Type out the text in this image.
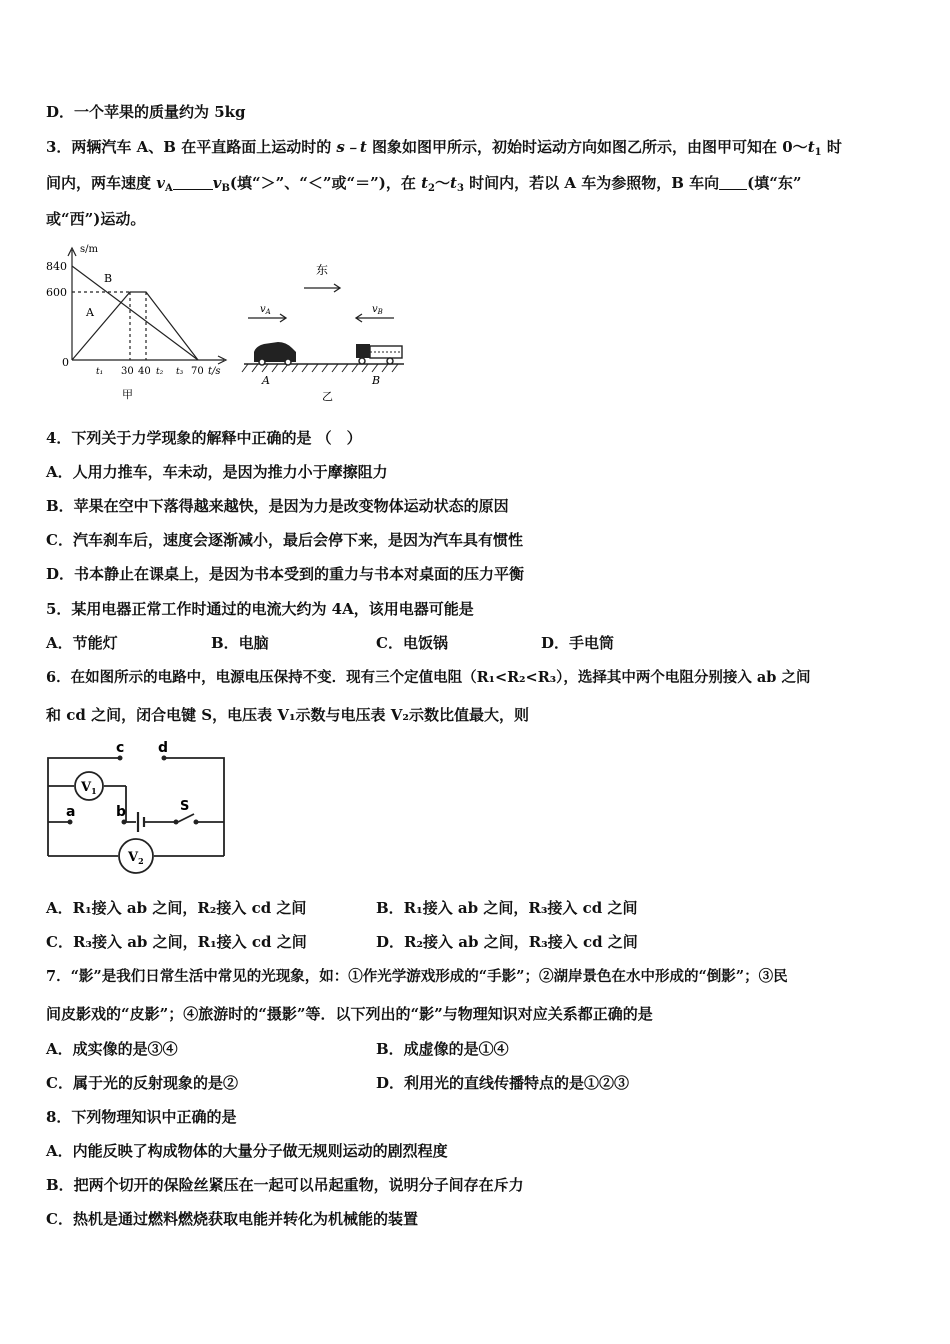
D．一个苹果的质量约为 5kg
3．两辆汽车 A、B 在平直路面上运动时的 s﹣t 图象如图甲所示，初始时运动方向如图乙所示，由图甲可知在 $0\sim t_1$ 时
间内，两车速度 $v_A$	$v_B$(填“＞”、“＜”或“＝”)，在 $t_2\sim t_3$ 时间内，若以 A 车为参照物，B 车向 (填“东”
或“西”)运动。
s/m
840
600
0
B
A
t₁ 30 40 t₂ t₃ 70 t/s
甲
东
$v_A$	$v_B$
A	B
乙
4．下列关于力学现象的解释中正确的是 （　）
A．人用力推车，车未动，是因为推力小于摩擦阻力
B．苹果在空中下落得越来越快，是因为力是改变物体运动状态的原因
C．汽车刹车后，速度会逐渐减小，最后会停下来，是因为汽车具有惯性
D．书本静止在课桌上，是因为书本受到的重力与书本对桌面的压力平衡
5．某用电器正常工作时通过的电流大约为 4A，该用电器可能是
A．节能灯	B．电脑	C．电饭锅	D．手电筒
6．在如图所示的电路中，电源电压保持不变．现有三个定值电阻（R₁<R₂<R₃），选择其中两个电阻分别接入 ab 之间
和 cd 之间，闭合电键 S，电压表 V₁示数与电压表 V₂示数比值最大，则
c d
a	b	S
$V_1$
$V_2$
A．R₁接入 ab 之间，R₂接入 cd 之间	B．R₁接入 ab 之间，R₃接入 cd 之间
C．R₃接入 ab 之间，R₁接入 cd 之间	D．R₂接入 ab 之间，R₃接入 cd 之间
7．“影”是我们日常生活中常见的光现象，如：①作光学游戏形成的“手影”；②湖岸景色在水中形成的“倒影”；③民
间皮影戏的“皮影”；④旅游时的“摄影”等．以下列出的“影”与物理知识对应关系都正确的是
A．成实像的是③④	B．成虚像的是①④
C．属于光的反射现象的是②	D．利用光的直线传播特点的是①②③
8．下列物理知识中正确的是
A．内能反映了构成物体的大量分子做无规则运动的剧烈程度
B．把两个切开的保险丝紧压在一起可以吊起重物，说明分子间存在斥力
C．热机是通过燃料燃烧获取电能并转化为机械能的装置
